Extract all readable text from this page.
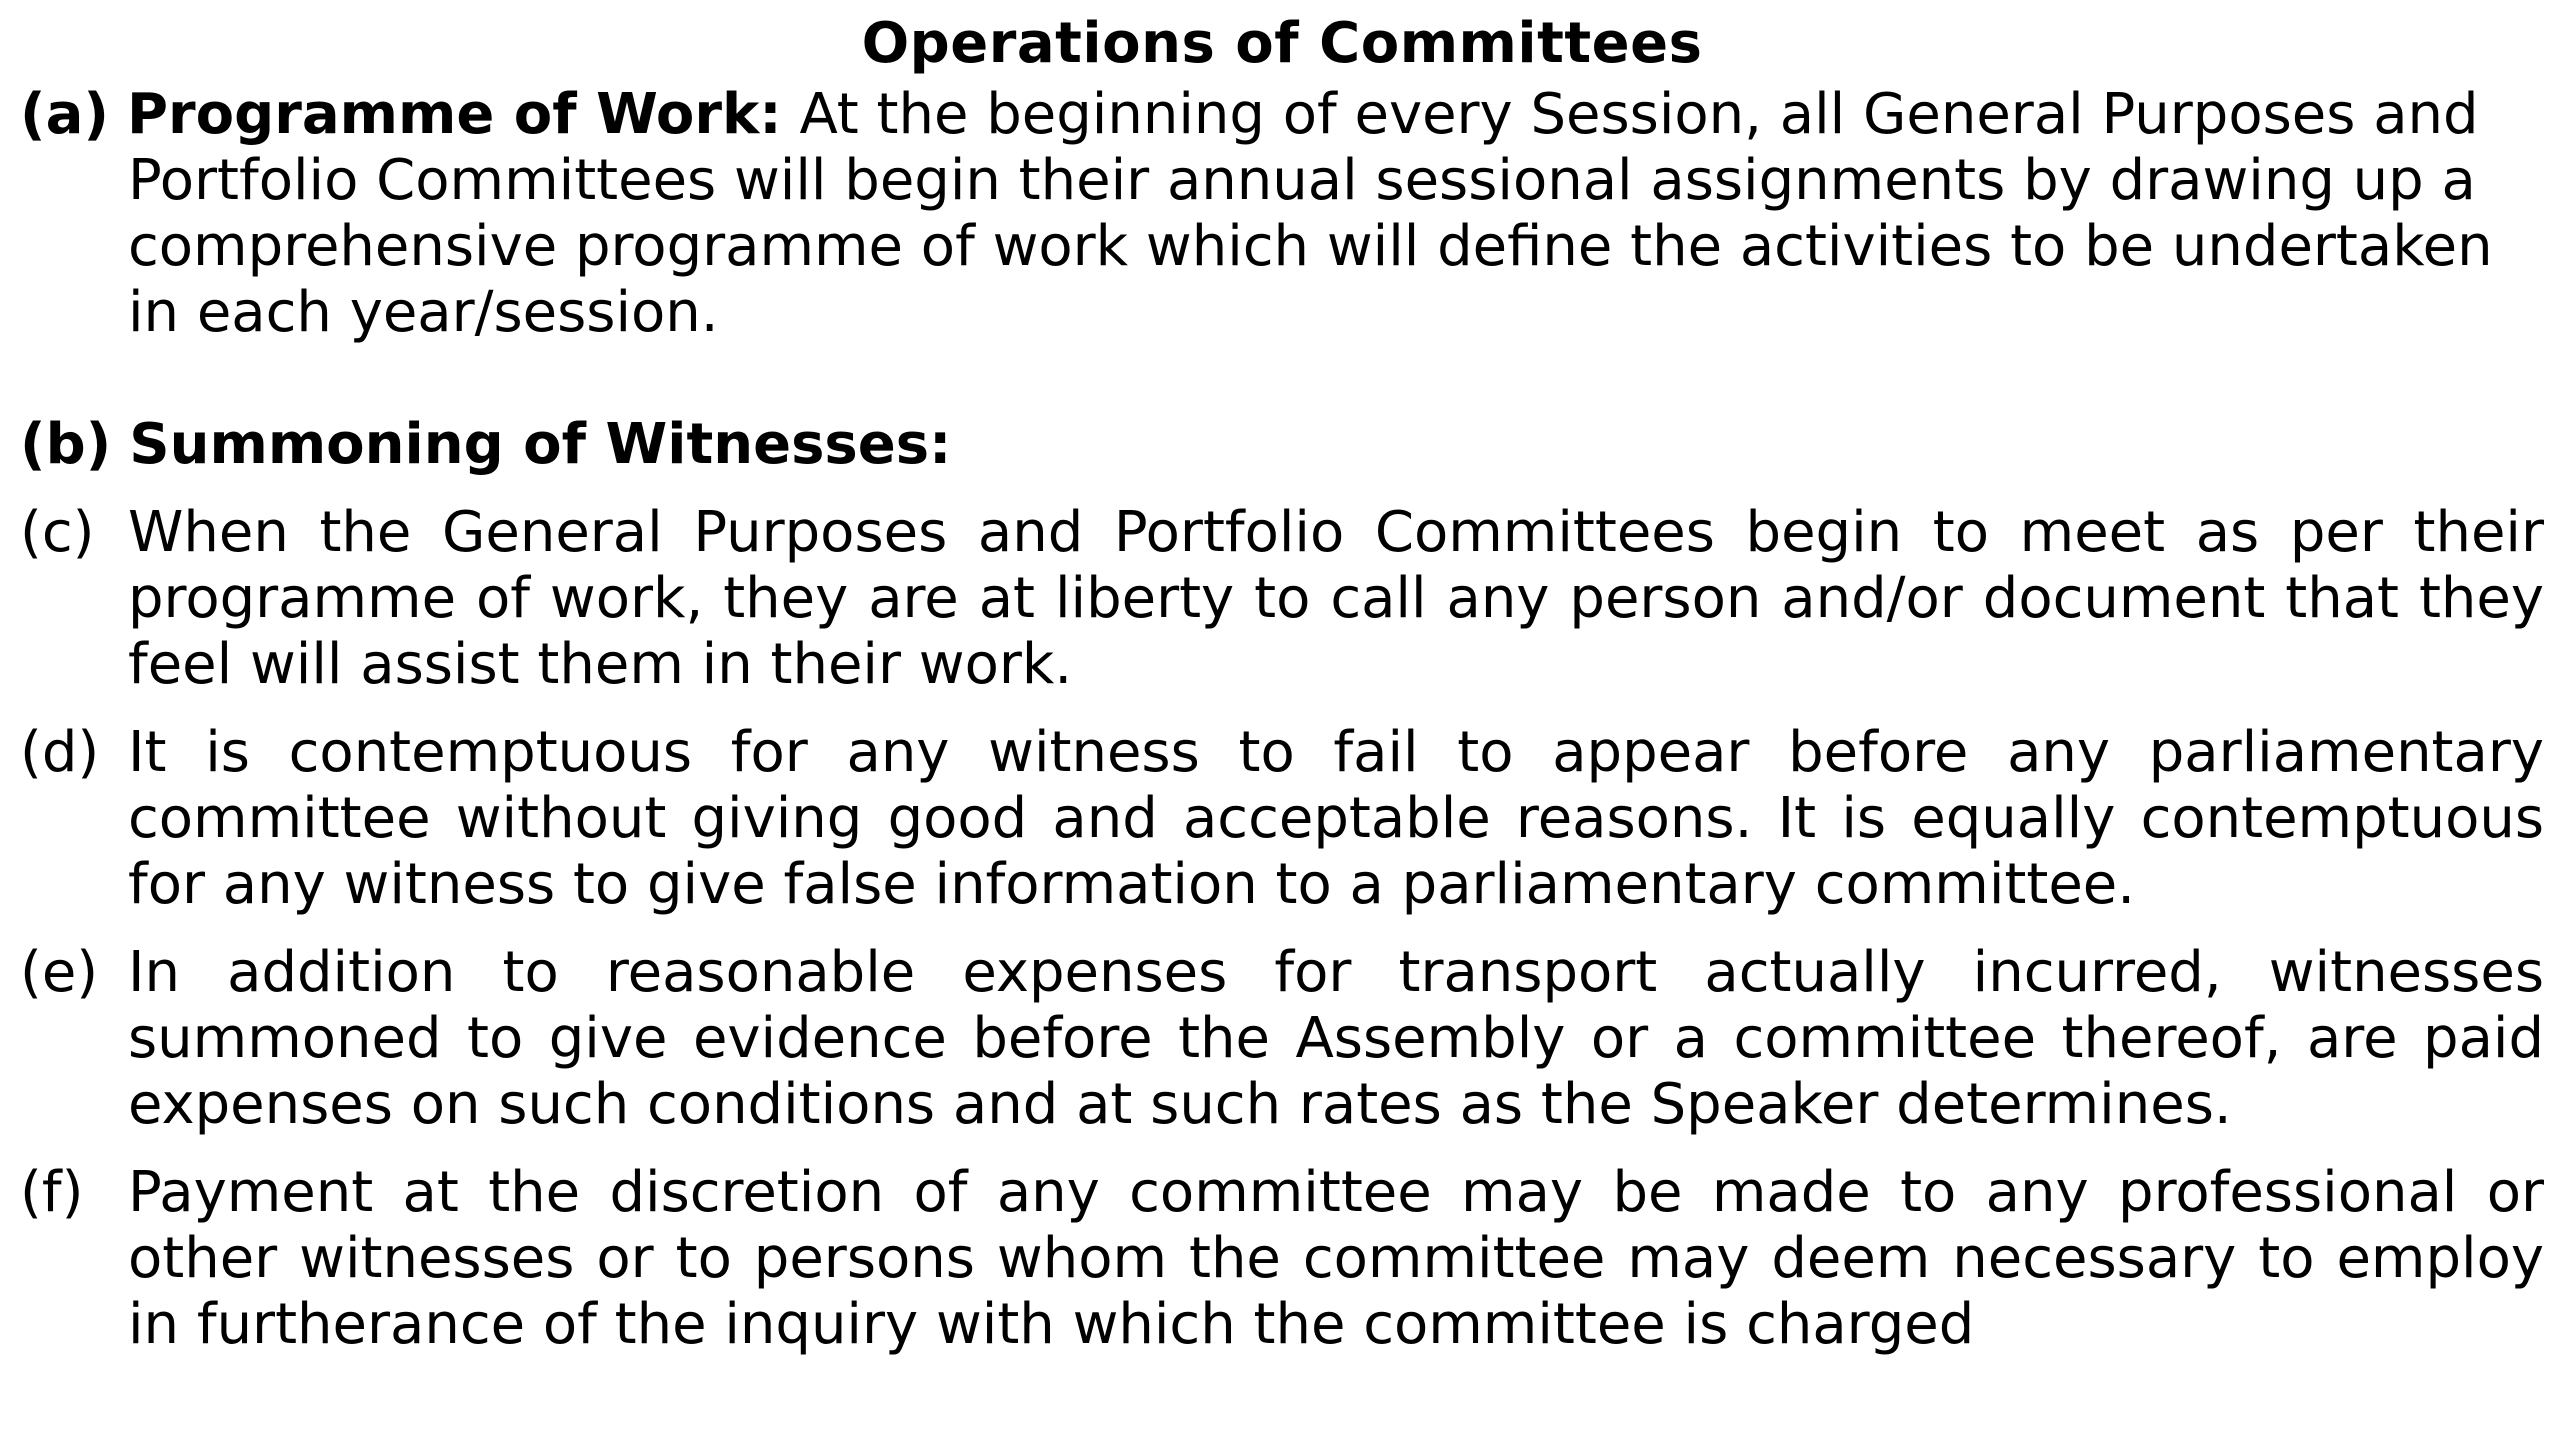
Operations of Committees
(a) Programme of Work: At the beginning of every Session, all General Purposes and Portfolio Committees will begin their annual sessional assignments by drawing up a comprehensive programme of work which will define the activities to be undertaken in each year/session.
(b) Summoning of Witnesses:
(c) When the General Purposes and Portfolio Committees begin to meet as per their programme of work, they are at liberty to call any person and/or document that they feel will assist them in their work.
(d) It is contemptuous for any witness to fail to appear before any parliamentary committee without giving good and acceptable reasons. It is equally contemptuous for any witness to give false information to a parliamentary committee.
(e) In addition to reasonable expenses for transport actually incurred, witnesses summoned to give evidence before the Assembly or a committee thereof, are paid expenses on such conditions and at such rates as the Speaker determines.
(f) Payment at the discretion of any committee may be made to any professional or other witnesses or to persons whom the committee may deem necessary to employ in furtherance of the inquiry with which the committee is charged
